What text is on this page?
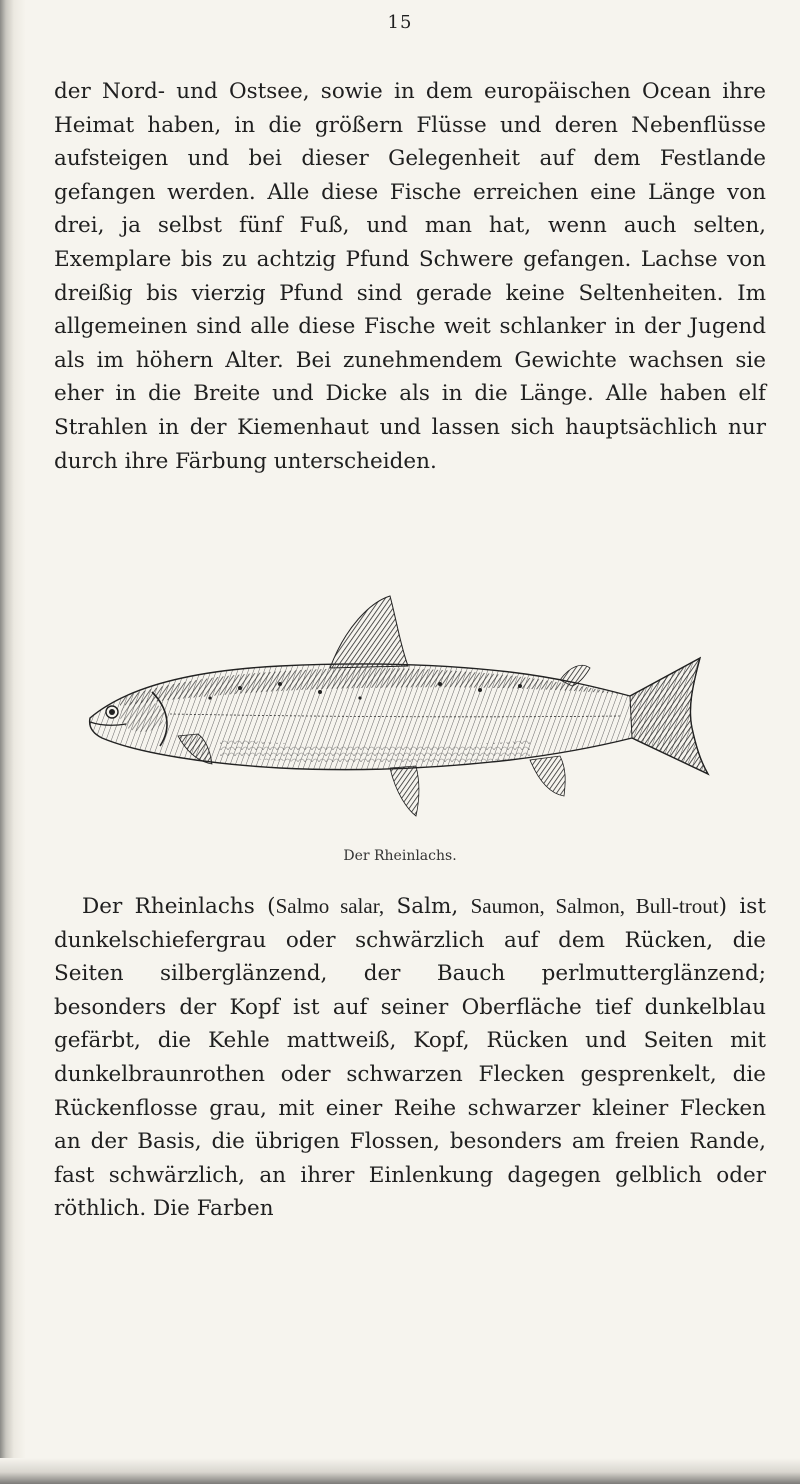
15

der Nord- und Ostsee, sowie in dem europäischen Ocean ihre Heimat haben, in die größern Flüsse und deren Nebenflüsse aufsteigen und bei dieser Gelegenheit auf dem Festlande gefangen werden. Alle diese Fische erreichen eine Länge von drei, ja selbst fünf Fuß, und man hat, wenn auch selten, Exemplare bis zu achtzig Pfund Schwere gefangen. Lachse von dreißig bis vierzig Pfund sind gerade keine Seltenheiten. Im allgemeinen sind alle diese Fische weit schlanker in der Jugend als im höhern Alter. Bei zunehmendem Gewichte wachsen sie eher in die Breite und Dicke als in die Länge. Alle haben elf Strahlen in der Kiemenhaut und lassen sich hauptsächlich nur durch ihre Färbung unterscheiden.

Der Rheinlachs.

Der Rheinlachs (Salmo salar, Salm, Saumon, Salmon, Bull-trout) ist dunkelschiefergrau oder schwärzlich auf dem Rücken, die Seiten silberglänzend, der Bauch perlmutterglänzend; besonders der Kopf ist auf seiner Oberfläche tief dunkelblau gefärbt, die Kehle mattweiß, Kopf, Rücken und Seiten mit dunkelbraunrothen oder schwarzen Flecken gesprenkelt, die Rückenflosse grau, mit einer Reihe schwarzer kleiner Flecken an der Basis, die übrigen Flossen, besonders am freien Rande, fast schwärzlich, an ihrer Einlenkung dagegen gelblich oder röthlich. Die Farben
